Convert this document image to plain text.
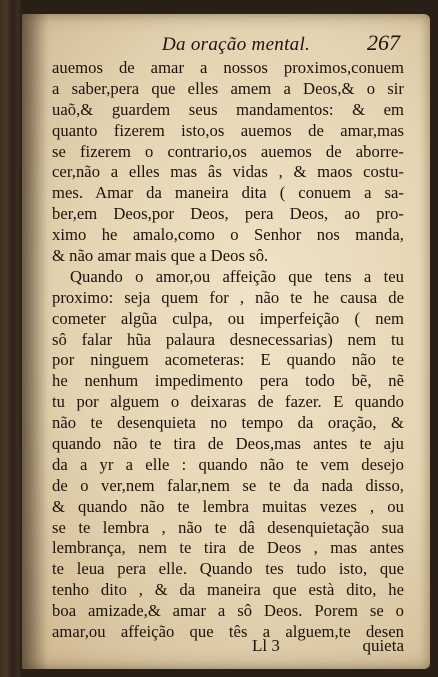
Da oração mental.	267
auemos de amar a nossos proximos,conuem
a saber,pera que elles amem a Deos,& o sir
uaõ,& guardem seus mandamentos: & em
quanto fizerem isto,os auemos de amar,mas
se fizerem o contrario,os auemos de aborre-
cer,não a elles mas âs vidas , & maos costu-
mes. Amar da maneira dita ( conuem a sa-
ber,em Deos,por Deos, pera Deos, ao pro-
ximo he amalo,como o Senhor nos manda,
& não amar mais que a Deos sô.
Quando o amor,ou affeição que tens a teu
proximo: seja quem for , não te he causa de
cometer algũa culpa, ou imperfeição ( nem
sô falar hũa palaura desnecessarias) nem tu
por ninguem acometeras: E quando não te
he nenhum impedimento pera todo bẽ, nẽ
tu por alguem o deixaras de fazer. E quando
não te desenquieta no tempo da oração, &
quando não te tira de Deos,mas antes te aju
da a yr a elle : quando não te vem desejo
de o ver,nem falar,nem se te da nada disso,
& quando não te lembra muitas vezes , ou
se te lembra , não te dâ desenquietação sua
lembrança, nem te tira de Deos , mas antes
te leua pera elle. Quando tes tudo isto, que
tenho dito , & da maneira que està dito, he
boa amizade,& amar a sô Deos. Porem se o
amar,ou affeição que tês a alguem,te desen
Ll 3	quieta
